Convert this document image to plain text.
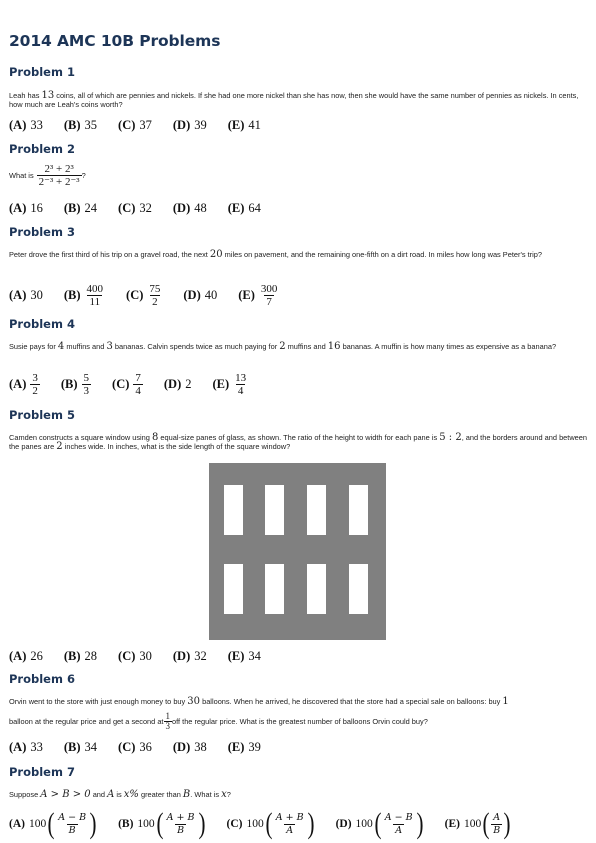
2014 AMC 10B Problems
Problem 1
Leah has 13 coins, all of which are pennies and nickels. If she had one more nickel than she has now, then she would have the same number of pennies as nickels. In cents, how much are Leah's coins worth?
(A) 33 (B) 35 (C) 37 (D) 39 (E) 41
Problem 2
What is $\frac{\text{2³ + 2³}}{\text{2⁻³ + 2⁻³}}$ ?
(A) 16 (B) 24 (C) 32 (D) 48 (E) 64
Problem 3
Peter drove the first third of his trip on a gravel road, the next 20 miles on pavement, and the remaining one-fifth on a dirt road. In miles how long was Peter's trip?
(A) 30 $(B) \frac{400}{11} (C) \frac{75}{2} (D)$ 40 $(E) \frac{300}{7}$
Problem 4
Susie pays for 4 muffins and 3 bananas. Calvin spends twice as much paying for 2 muffins and 16 bananas. A muffin is how many times as expensive as a banana?
$(A) \frac{3}{2} (B) \frac{5}{3} (C) \frac{7}{4} (D)$ 2 $(E) \frac{13}{4}$
Problem 5
Camden constructs a square window using 8 equal-size panes of glass, as shown. The ratio of the height to width for each pane is 5 : 2, and the borders around and between the panes are 2 inches wide. In inches, what is the side length of the square window?
(A) 26 (B) 28 (C) 30 (D) 32 (E) 34
Problem 6
Orvin went to the store with just enough money to buy 30 balloons. When he arrived, he discovered that the store had a special sale on balloons: buy 1
balloon at the regular price and get a second at $\frac{1}{3}$ off the regular price. What is the greatest number of balloons Orvin could buy?
(A) 33 (B) 34 (C) 36 (D) 38 (E) 39
Problem 7
Suppose A > B > 0 and A is x% greater than B. What is x?
(A) 100 ( $\frac{A - B}{B}$ ) (B) 100 ( $\frac{A + B}{B}$ ) (C) 100 ( $\frac{A + B}{A}$ ) (D) 100 ( $\frac{A - B}{A}$ ) (E) 100 ( $\frac{A}{B}$ )
